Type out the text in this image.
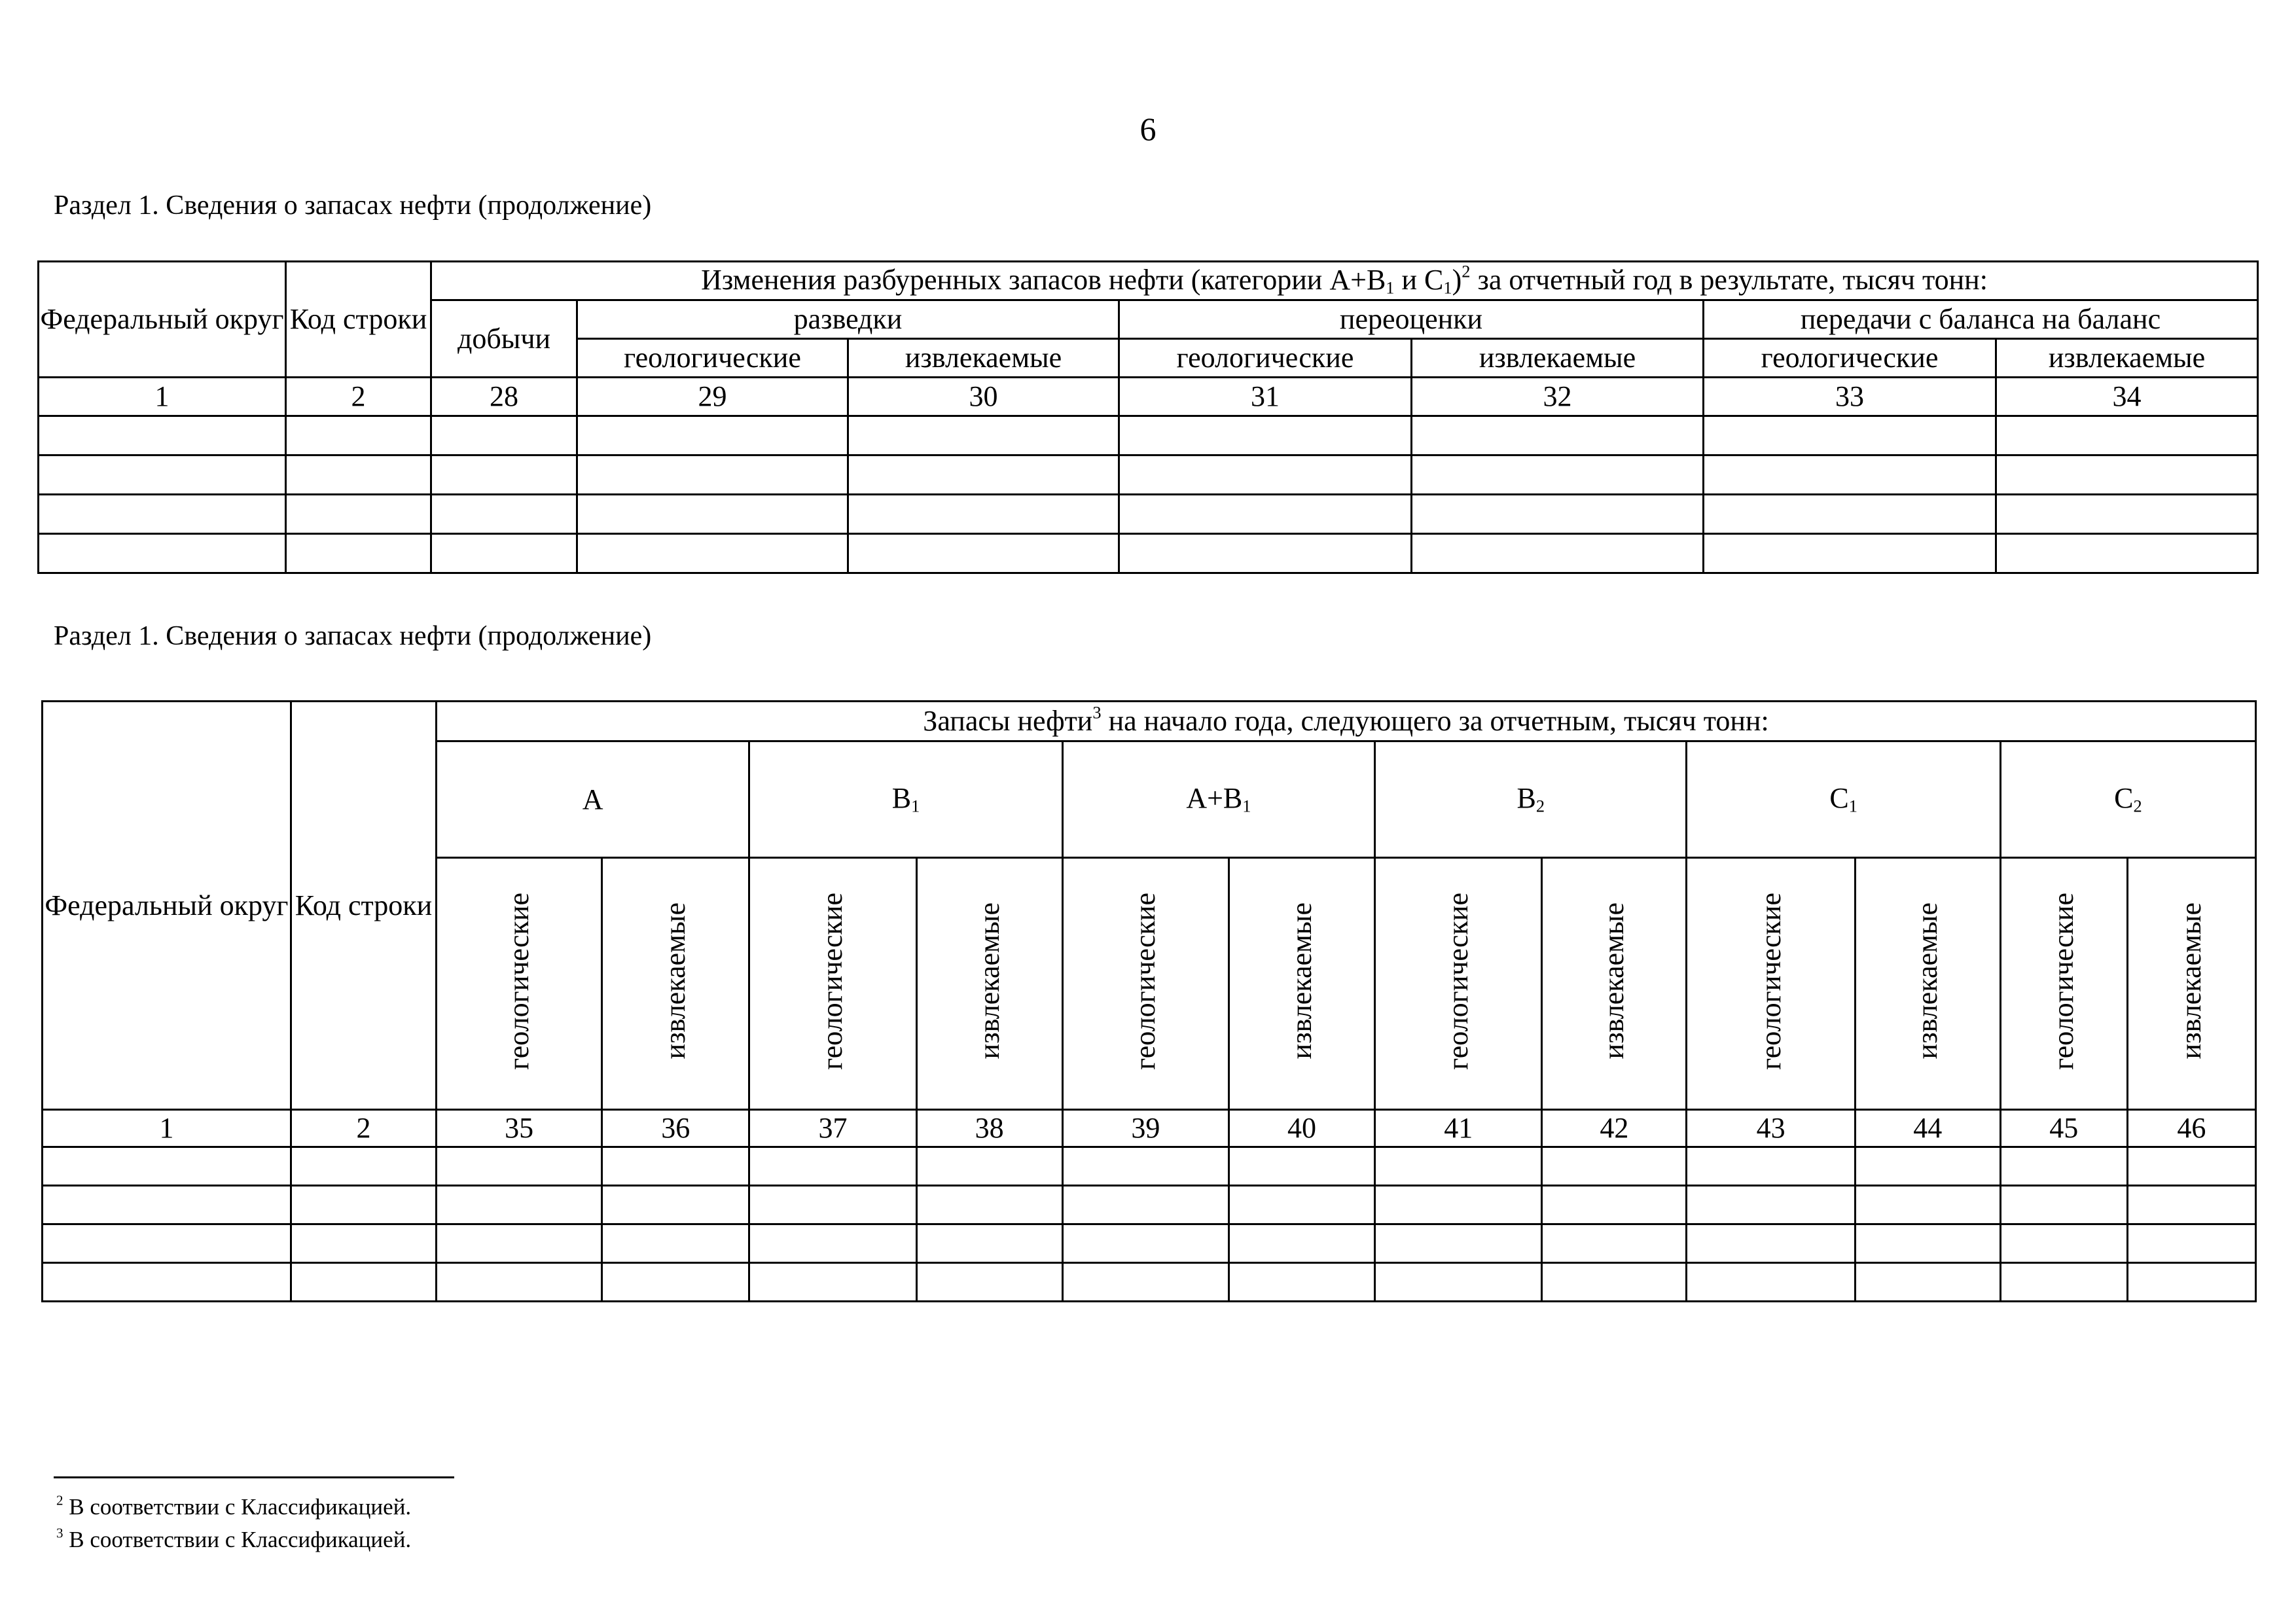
6
Раздел 1. Сведения о запасах нефти (продолжение)
Федеральный округ	Код строки	Изменения разбуренных запасов нефти (категории $А+В_1$ и $С_1)^2$ за отчетный год в результате, тысяч тонн:						
		добычи	разведки		переоценки		передачи с баланса на баланс	
			геологические	извлекаемые	геологические	извлекаемые	геологические	извлекаемые
1	2	28	29	30	31	32	33	34

Раздел 1. Сведения о запасах нефти (продолжение)
Федеральный округ	Код строки	Запасы нефти$^3$ на начало года, следующего за отчетным, тысяч тонн:											
		А		$В_1$		$А+В_1$		$В_2$		$С_1$		$С_2$
		геологические	извлекаемые	геологические	извлекаемые	геологические	извлекаемые	геологические	извлекаемые	геологические	извлекаемые	геологические	извлекаемые
1	2	35	36	37	38	39	40	41	42	43	44	45	46

$^2$ В соответствии с Классификацией.
$^3$ В соответствии с Классификацией.
